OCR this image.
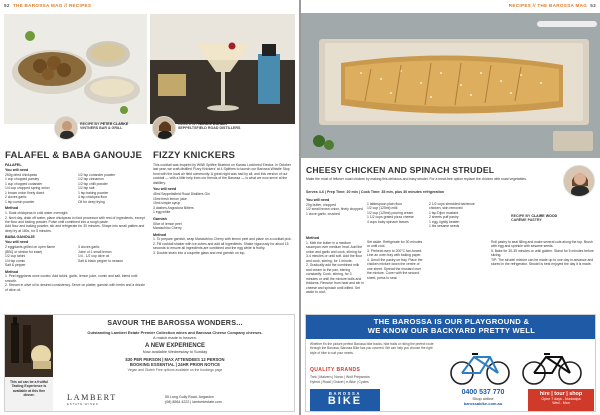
52 THE BAROSSA MAG // RECIPES
RECIPE BY PETER CLARKE
VINTNERS BAR & GRILL
RECIPE BY NICOLE DURDIN
SEPPELTSFIELD ROAD DISTILLERS
FALAFEL & BABA GANOUJE FIZZY KNICKERS
FALAFEL
You will need
250g dried chickpeas
1 cup chopped parsley
1 cup chopped coriander
1/4 cup chopped spring onion
1 brown onion finely diced
2 cloves garlic
1 tsp cumin powder
1/2 tsp coriander powder
1/2 tsp cinnamon
1/2 tsp chilli powder
1/2 tsp salt
1 tsp baking powder
4 tsp chickpea flour
Oil for deep frying
Method
1. Soak chickpeas in cold water overnight.
2. Next day, drain off water, place chickpeas in food processor with rest of ingredients, except the flour and baking powder. Pulse until combined into a rough paste.
Add flour and baking powder, stir and refrigerate for 30 minutes. Shape into small patties and deep fry at 180c, for 5 minutes.
BABA GANOUJE
You will need
2 eggplants grilled on open flame
(BBQ or similar for ease)
1/2 cup tahini
1/4 tsp cumin
Salt & pepper
3 cloves garlic
Juice of 1 small lemon
1/4 - 1/2 cup olive oil
Salt & black pepper to season
Method
1. Peel eggplants once cooled. Add tahini, garlic, lemon juice, cumin and salt, blend until smooth.
2. Stream in olive oil to desired consistency. Serve on platter, garnish with herbs and a drizzle of olive oil.
This cocktail was inspired by WWII Spitfire Bluebird on Kanaw Lockheed Electra. In October last year, we craft-distilled 'Fizzy Knickers' at 4 Spitfires to launch our Barossa Whistle Stop fund with the local air field community. A great night was had by all, and this version of our cocktail — with a little help from our friends of the Barossa — is what we now serve at the distillery.
You will need
45ml Seppeltsfield Road Distillers Gin
15ml fresh lemon juice
15ml simple syrup
3 dashes Angostura Bitters
1 egg white
Garnish
Slice of lemon peel
Maraschino Cherry
Method
1. To prepare garnish, wrap Maraschino Cherry with lemon peel and place on a cocktail pick.
2. Fill cocktail shaker with ice cubes and add all ingredients. Shake vigorously for about 15 seconds to ensure all ingredients are combined and the egg white is frothy.
3. Double strain into a coupette glass and rest garnish on top.
This ad can be a fruitful Tasting Experience is available at this fine dinner.
SAVOUR THE BAROSSA WONDERS...
Outstanding Lambert Estate Premier Collection wines and Barossa Cheese Company cheeses.
A match made in heaven.
A NEW EXPERIENCE
Now available Wednesday to Sunday
$30 PER PERSON | MAX ATTENDEES 12 PERSON
BOOKING ESSENTIAL | 24HR PRIOR NOTICE
Vegan and Gluten Free options available on the bookings page
LAMBERT
ESTATE WINES
55 Long Gully Road, Angaston
(08) 8564 4222 | lambertestate.com
RECIPES // THE BAROSSA MAG 53
CHEESY CHICKEN AND SPINACH STRUDEL
Make the most of leftover roast chicken by making this delicious and easy strudel. For a meat-free option replace the chicken with roast vegetables.
Serves 4-6 | Prep Time: 20 min | Cook Time: 35 min, plus 30 minutes refrigeration
You will need
20g butter, chopped
1/2 small brown onion, finely chopped
1 clove garlic, crushed
1 tablespoon plain flour
1/2 cup (125ml) milk
1/2 cup (125ml) pouring cream
1 1/2 cups grated pizza cheese
4 cups baby spinach leaves
2 1/2 cups shredded barbecue chicken, skin removed
1 tsp Dijon mustard
2 sheets puff pastry
1 egg, lightly beaten
1 tbs sesame seeds
Method
1. Melt the butter in a medium saucepan over medium heat. Add the onion and garlic and cook, stirring for 3-4 minutes or until soft. Add the flour and cook, stirring, for 1 minute.
2. Gradually add the combined milk and cream to the pan, stirring constantly. Cook, stirring, for 3 minutes or until the mixture boils and thickens. Remove from heat and stir in cheese and spinach until wilted. Set aside to cool.
Set aside. Refrigerate for 30 minutes or until cool.
3. Preheat oven to 200°C fan-forced. Line an oven tray with baking paper.
4. Unroll the pastry on tray. Place the chicken mixture down the centre of one sheet. Spread the mustard over the mixture. Cover with the second sheet, press to seal.
Roll pastry to seal filling and make several cuts along the top. Brush with egg and sprinkle with sesame seeds.
5. Bake for 30-35 minutes or until golden. Stand for 5 minutes before slicing.
TIP: The strudel mixture can be made up to one day in advance and stored in the refrigerator. Strudel is best enjoyed the day it is made.
RECIPE BY CLAIRE WOOD
CARÊME PASTRY
THE BAROSSA IS OUR PLAYGROUND &
WE KNOW OUR BACKYARD PRETTY WELL
Whether it's the picture perfect Barossa bike tracks, hike trails or riding the perfect route through the Barossa, Barossa Bike has you covered. We can help you choose the right style of bike to suit your needs.
QUALITY BRANDS
Trek | Malvern | Norco | Wolf Prepworks
Hybrid | Road | Gravel | e-Bike | Cycles
BAROSSA
BIKE
0400 537 770
Shop online
barossabike.com.au
hire | tour | shop
Open 7 days - Nuriootpa
Wed - Mon
